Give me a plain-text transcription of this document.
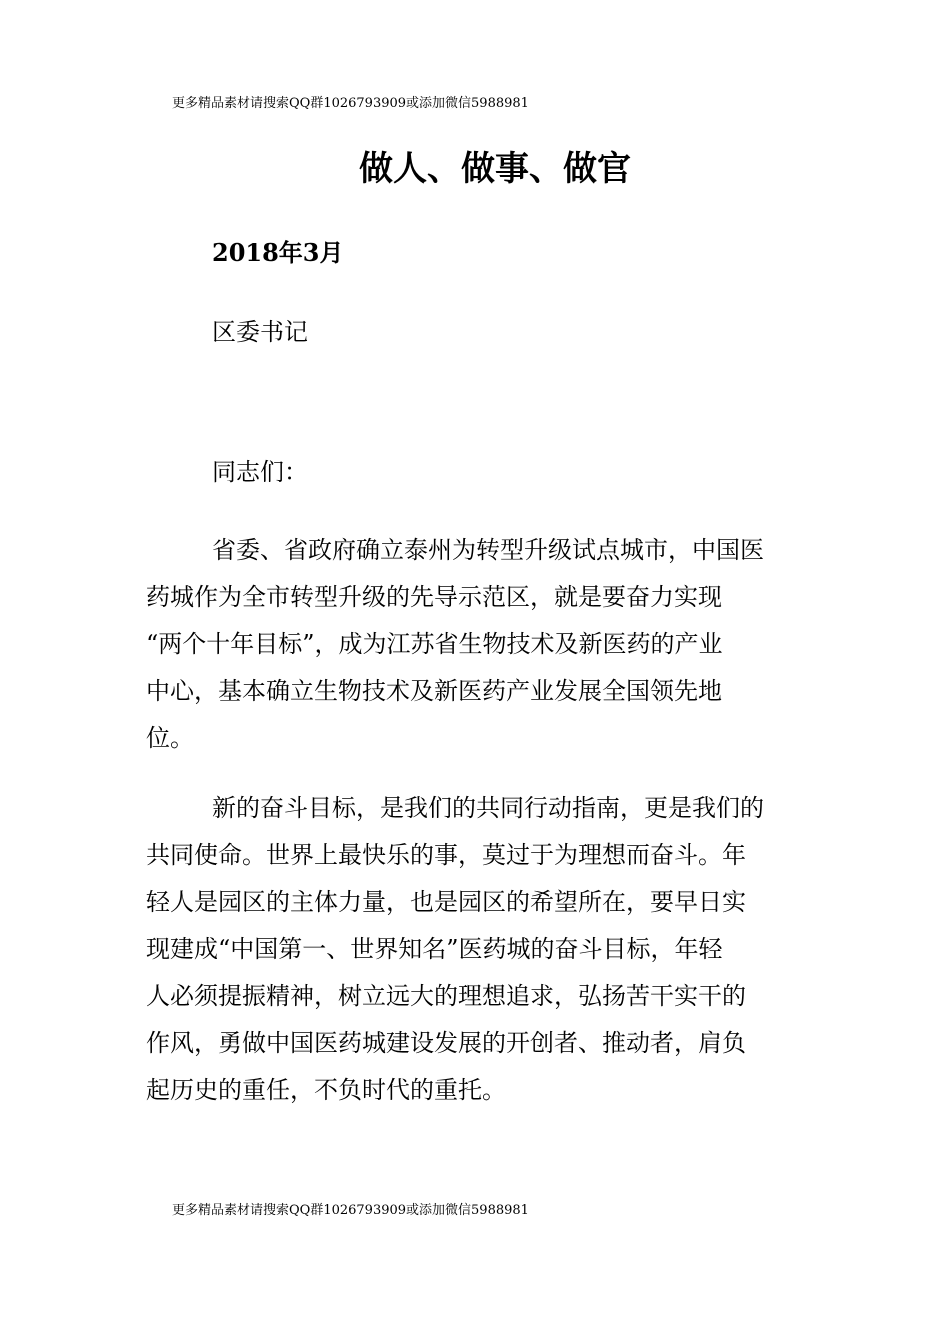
更多精品素材请搜索QQ群1026793909或添加微信5988981
做人、做事、做官
2018年3月
区委书记
同志们：
省委、省政府确立泰州为转型升级试点城市，中国医
药城作为全市转型升级的先导示范区，就是要奋力实现
“两个十年目标”，成为江苏省生物技术及新医药的产业
中心，基本确立生物技术及新医药产业发展全国领先地
位。
新的奋斗目标，是我们的共同行动指南，更是我们的
共同使命。世界上最快乐的事，莫过于为理想而奋斗。年
轻人是园区的主体力量，也是园区的希望所在，要早日实
现建成“中国第一、世界知名”医药城的奋斗目标，年轻
人必须提振精神，树立远大的理想追求，弘扬苦干实干的
作风，勇做中国医药城建设发展的开创者、推动者，肩负
起历史的重任，不负时代的重托。
更多精品素材请搜索QQ群1026793909或添加微信5988981
